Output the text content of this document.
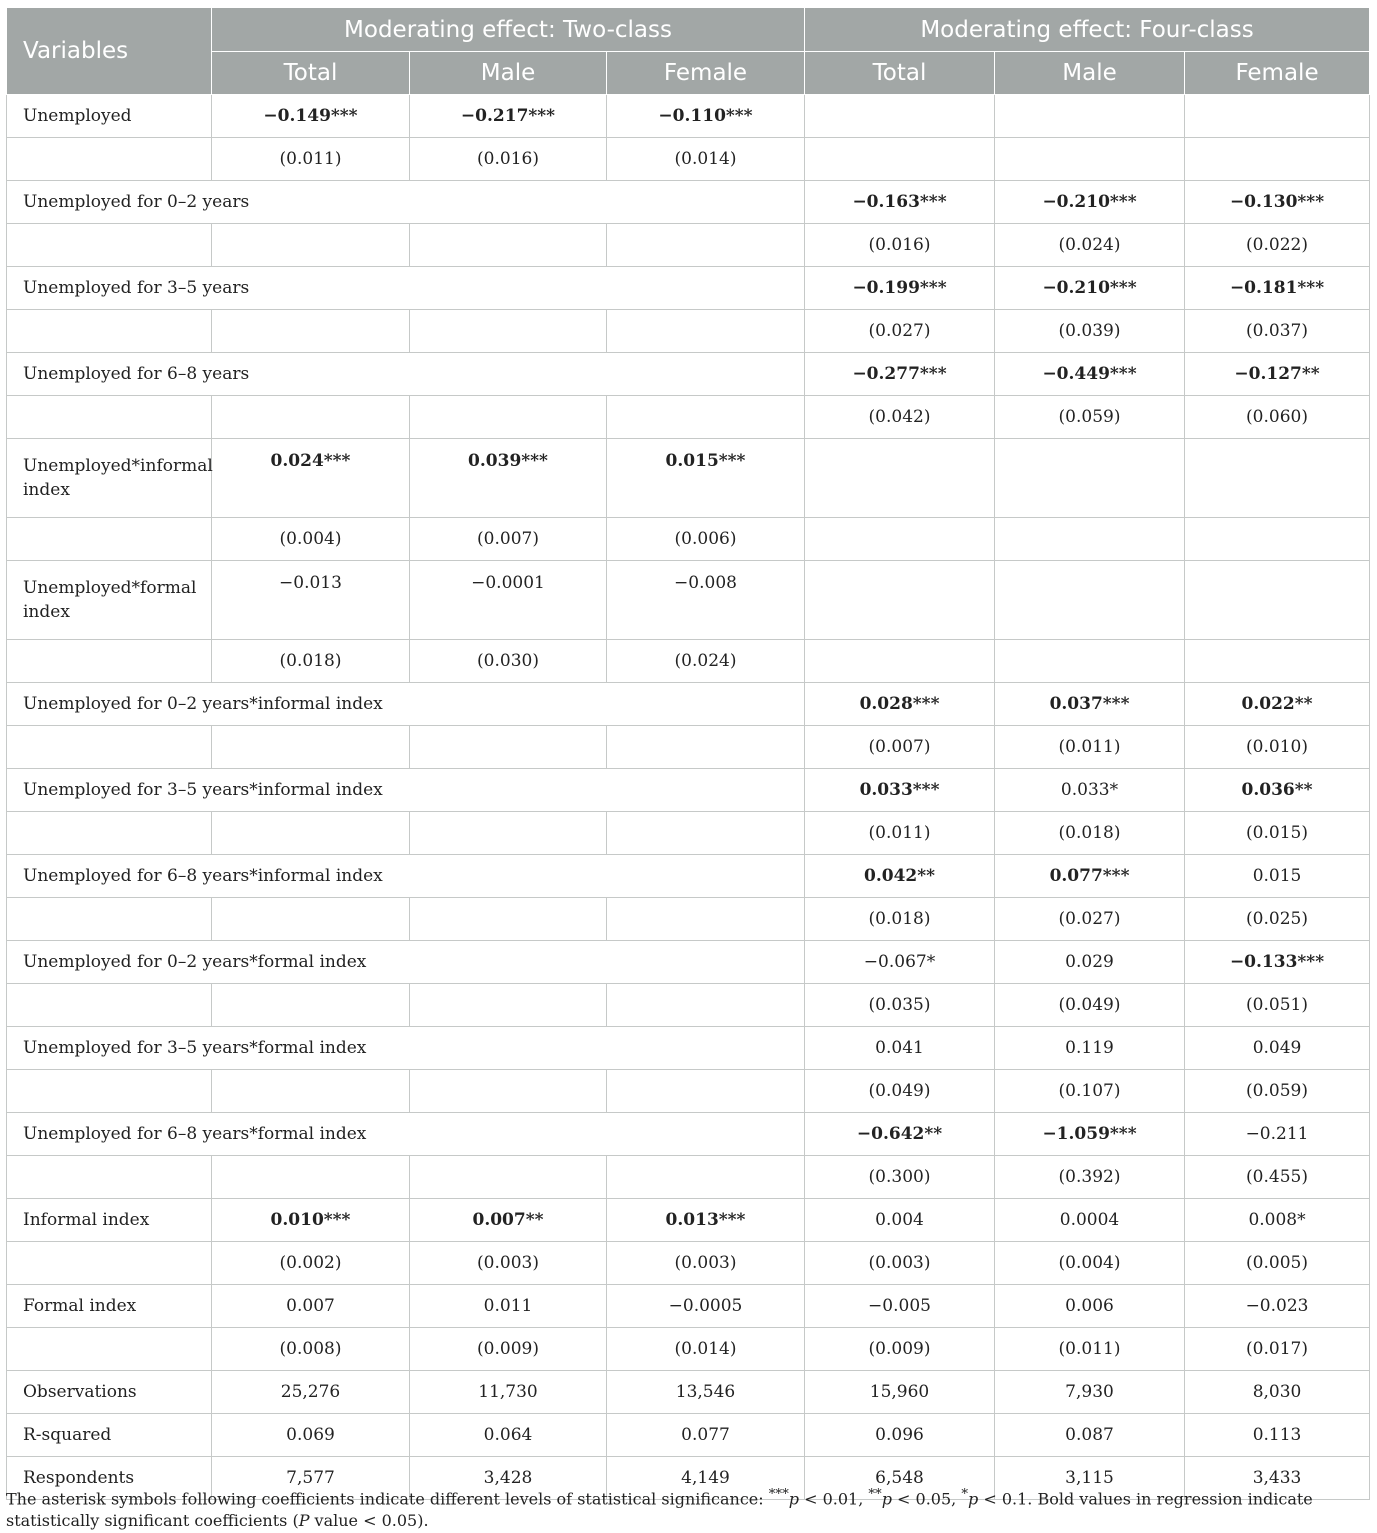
Variables	Moderating effect: Two-class			Moderating effect: Four-class		
	Total	Male	Female	Total	Male	Female
Unemployed	−0.149***	−0.217***	−0.110***			
	(0.011)	(0.016)	(0.014)			
Unemployed for 0–2 years				−0.163***	−0.210***	−0.130***
				(0.016)	(0.024)	(0.022)
Unemployed for 3–5 years				−0.199***	−0.210***	−0.181***
				(0.027)	(0.039)	(0.037)
Unemployed for 6–8 years				−0.277***	−0.449***	−0.127**
				(0.042)	(0.059)	(0.060)
Unemployed*informal index	0.024***	0.039***	0.015***			
	(0.004)	(0.007)	(0.006)			
Unemployed*formal index	−0.013	−0.0001	−0.008			
	(0.018)	(0.030)	(0.024)			
Unemployed for 0–2 years*informal index				0.028***	0.037***	0.022**
				(0.007)	(0.011)	(0.010)
Unemployed for 3–5 years*informal index				0.033***	0.033*	0.036**
				(0.011)	(0.018)	(0.015)
Unemployed for 6–8 years*informal index				0.042**	0.077***	0.015
				(0.018)	(0.027)	(0.025)
Unemployed for 0–2 years*formal index				−0.067*	0.029	−0.133***
				(0.035)	(0.049)	(0.051)
Unemployed for 3–5 years*formal index				0.041	0.119	0.049
				(0.049)	(0.107)	(0.059)
Unemployed for 6–8 years*formal index				−0.642**	−1.059***	−0.211
				(0.300)	(0.392)	(0.455)
Informal index	0.010***	0.007**	0.013***	0.004	0.0004	0.008*
	(0.002)	(0.003)	(0.003)	(0.003)	(0.004)	(0.005)
Formal index	0.007	0.011	−0.0005	−0.005	0.006	−0.023
	(0.008)	(0.009)	(0.014)	(0.009)	(0.011)	(0.017)
Observations	25,276	11,730	13,546	15,960	7,930	8,030
R-squared	0.069	0.064	0.077	0.096	0.087	0.113
Respondents	7,577	3,428	4,149	6,548	3,115	3,433
The asterisk symbols following coefficients indicate different levels of statistical significance: ***p < 0.01, **p < 0.05, *p < 0.1. Bold values in regression indicate statistically significant coefficients (P value < 0.05).
